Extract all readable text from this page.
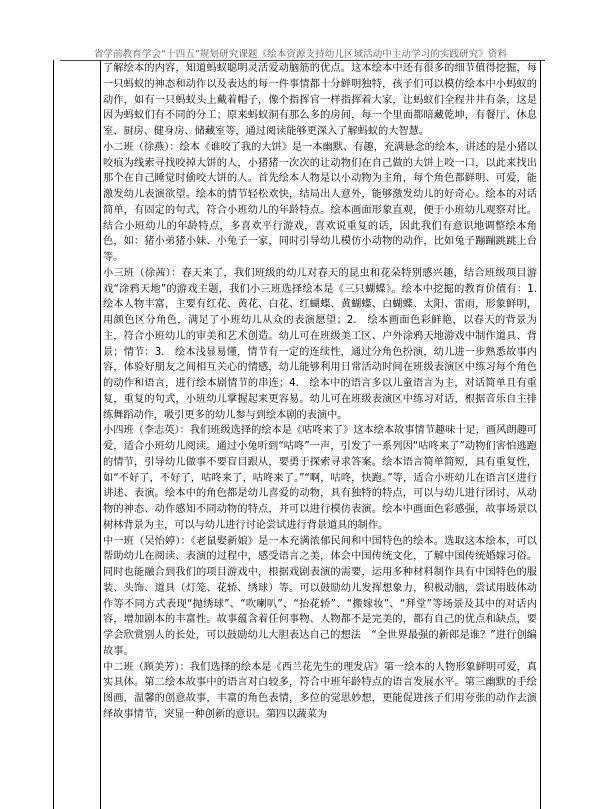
省学前教育学会“十四五”规划研究课题《绘本资源支持幼儿区域活动中主动学习的实践研究》资料

了解绘本的内容，知道蚂蚁聪明灵活爱动脑筋的优点。这本绘本中还有很多的细节值得挖掘，每一只蚂蚁的神态和动作以及表达的每一件事情都十分鲜明独特，孩子们可以模仿绘本中小蚂蚁的动作，如有一只蚂蚁头上戴着帽子，像个指挥官一样指挥着大家，让蚂蚁们全程井井有条，这是因为蚂蚁们有不同的分工；原来蚂蚁洞有那么多的房间，每一个里面都暗藏乾坤，有餐厅、休息室、厨房、健身房、储藏室等，通过阅读能够更深入了解蚂蚁的大智慧。

小二班（徐燕）：绘本《谁咬了我的大饼》是一本幽默、有趣，充满悬念的绘本，讲述的是小猪以咬痕为线索寻找咬掉大饼的人，小猪猪一次次的让动物们在自己做的大饼上咬一口，以此来找出那个在自己睡觉时偷咬大饼的人。首先绘本人物是以小动物为主角，每个角色都鲜明、可爱，能激发幼儿表演欲望。绘本的情节轻松欢快，结局出人意外，能够激发幼儿的好奇心。绘本的对话简单，有固定的句式，符合小班幼儿的年龄特点。绘本画面形象直观，便于小班幼儿观察对比。结合小班幼儿的年龄特点，多喜欢平行游戏，喜欢说重复的话，因此我们有意识地调整绘本角色，如：猪小弟猪小妹、小兔子一家，同时引导幼儿模仿小动物的动作，比如兔子蹦蹦跳跳上台等。

小三班（徐茜）：春天来了，我们班级的幼儿对春天的昆虫和花朵特别感兴趣，结合班级项目游戏“涂鸦天地”的游戏主题，我们小三班选择绘本是《三只蝴蝶》。绘本中挖掘的教育价值有：1.　绘本人物丰富，主要有红花、黄花、白花、红蝴蝶、黄蝴蝶、白蝴蝶、太阳、雷雨，形象鲜明，用颜色区分角色，满足了小班幼儿从众的表演愿望；2.　绘本画面色彩鲜艳，以春天的背景为主，符合小班幼儿的审美和艺术创造。幼儿可在班级美工区、户外涂鸦天地游戏中制作道具、背景；情节：3.　绘本浅显易懂，情节有一定的连续性，通过分角色扮演，幼儿进一步熟悉故事内容，体验好朋友之间相互关心的情感，幼儿能够利用日常活动时间在班级表演区中练习每个角色的动作和语言，进行绘本剧情节的串连；4.　绘本中的语言多以儿童语言为主，对话简单且有重复，重复的句式，小班幼儿掌握起来更容易。幼儿可在班级表演区中练习对话，根据音乐自主排练舞蹈动作，吸引更多的幼儿参与到绘本剧的表演中。

小四班（李志英）：我们班级选择的绘本是《咕咚来了》这本绘本故事情节趣味十足，画风朗趣可爱，适合小班幼儿阅读。通过小兔听到“咕咚”一声，引发了一系列因“咕咚来了”动物们害怕逃跑的情节，引导幼儿做事不要盲目跟从，要勇于探索寻求答案。绘本语言简单简短，具有重复性，如“不好了，不好了，咕咚来了，咕咚来了。”“啊，咕咚，快跑。”等，适合小班幼儿在语言区进行讲述、表演。绘本中的角色都是幼儿喜爱的动物，具有独特的特点，可以与幼儿进行团讨，从动物的神态、动作感知不同动物的特点，并可以进行模仿表演。绘本中画面色彩感强，故事场景以树林背景为主，可以与幼儿进行讨论尝试进行背景道具的制作。

中一班（吴怡婷）：《老鼠娶新娘》是一本充满浓郁民间和中国特色的绘本。选取这本绘本，可以帮助幼儿在阅读、表演的过程中，感受语言之美，体会中国传统文化，了解中国传统婚嫁习俗。同时也能融合到我们的项目游戏中，根据戏剧表演的需要，运用多种材料制作具有中国特色的服装、头饰、道具（灯笼、花轿、绣球）等。可以鼓励幼儿发挥想象力，积极动脑，尝试用肢体动作等不同方式表现“抛绣球”、“吹喇叭”、“抬花轿”、“搬嫁妆”、“拜堂”等场景及其中的对话内容，增加剧本的丰富性。故事蕴含着任何事物、人物都不是完美的，都有自己的优点和缺点，要学会欣赏别人的长处，可以鼓励幼儿大胆表达自己的想法　“全世界最强的新郎是谁？”进行创编故事。

中二班（顾美芳）：我们选择的绘本是《西兰花先生的理发店》第一绘本的人物形象鲜明可爱，真实具体。第二绘本故事中的语言对白较多，符合中班年龄特点的语言发展水平。第三幽默的手绘图画，温馨的创意故事，丰富的角色表情，多位的觉思妙想，更能促进孩子们用夸张的动作去演绎故事情节，突显一种创新的意识。第四以蔬菜为
